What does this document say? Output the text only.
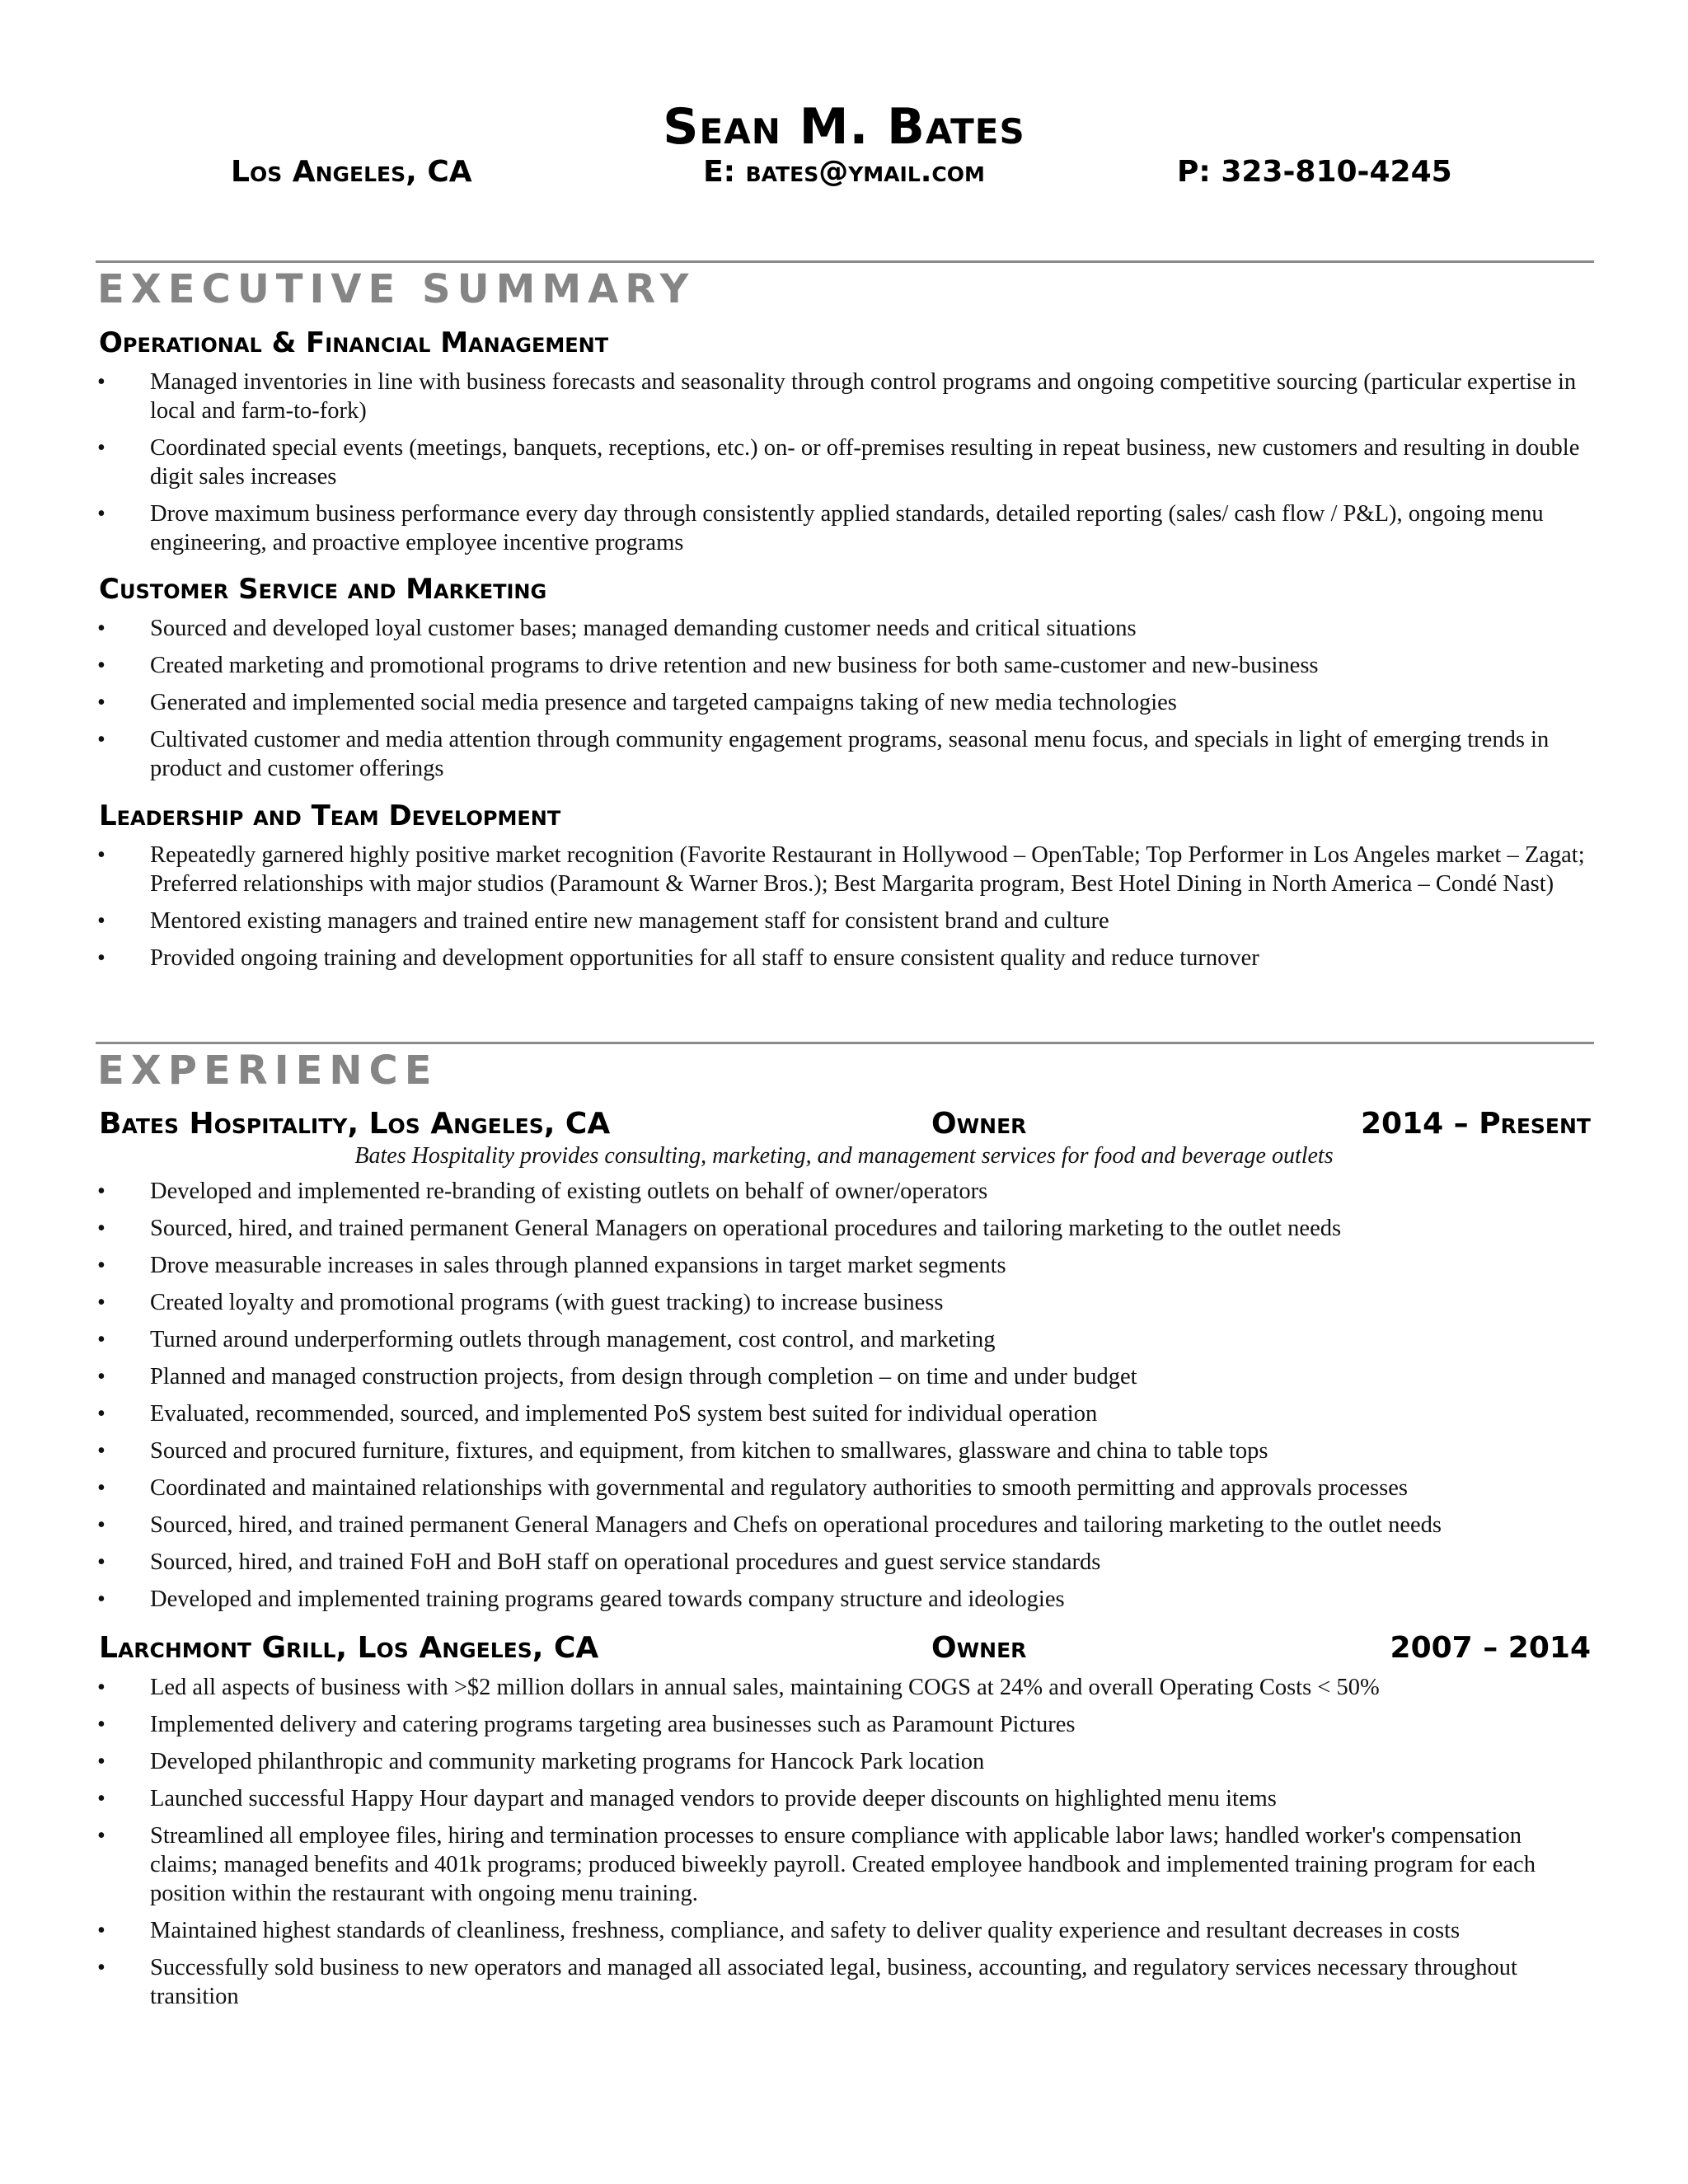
Sean M. Bates
Los Angeles, CA	E: bates@ymail.com	P: 323-810-4245
EXECUTIVE SUMMARY
Operational & Financial Management
• Managed inventories in line with business forecasts and seasonality through control programs and ongoing competitive sourcing (particular expertise in local and farm-to-fork)
• Coordinated special events (meetings, banquets, receptions, etc.) on- or off-premises resulting in repeat business, new customers and resulting in double digit sales increases
• Drove maximum business performance every day through consistently applied standards, detailed reporting (sales/ cash flow / P&L), ongoing menu engineering, and proactive employee incentive programs
Customer Service and Marketing
• Sourced and developed loyal customer bases; managed demanding customer needs and critical situations
• Created marketing and promotional programs to drive retention and new business for both same-customer and new-business
• Generated and implemented social media presence and targeted campaigns taking of new media technologies
• Cultivated customer and media attention through community engagement programs, seasonal menu focus, and specials in light of emerging trends in product and customer offerings
Leadership and Team Development
• Repeatedly garnered highly positive market recognition (Favorite Restaurant in Hollywood – OpenTable; Top Performer in Los Angeles market – Zagat; Preferred relationships with major studios (Paramount & Warner Bros.); Best Margarita program, Best Hotel Dining in North America – Condé Nast)
• Mentored existing managers and trained entire new management staff for consistent brand and culture
• Provided ongoing training and development opportunities for all staff to ensure consistent quality and reduce turnover
EXPERIENCE
Bates Hospitality, Los Angeles, CA	Owner	2014 – Present
Bates Hospitality provides consulting, marketing, and management services for food and beverage outlets
• Developed and implemented re-branding of existing outlets on behalf of owner/operators
• Sourced, hired, and trained permanent General Managers on operational procedures and tailoring marketing to the outlet needs
• Drove measurable increases in sales through planned expansions in target market segments
• Created loyalty and promotional programs (with guest tracking) to increase business
• Turned around underperforming outlets through management, cost control, and marketing
• Planned and managed construction projects, from design through completion – on time and under budget
• Evaluated, recommended, sourced, and implemented PoS system best suited for individual operation
• Sourced and procured furniture, fixtures, and equipment, from kitchen to smallwares, glassware and china to table tops
• Coordinated and maintained relationships with governmental and regulatory authorities to smooth permitting and approvals processes
• Sourced, hired, and trained permanent General Managers and Chefs on operational procedures and tailoring marketing to the outlet needs
• Sourced, hired, and trained FoH and BoH staff on operational procedures and guest service standards
• Developed and implemented training programs geared towards company structure and ideologies
Larchmont Grill, Los Angeles, CA	Owner	2007 – 2014
• Led all aspects of business with >$2 million dollars in annual sales, maintaining COGS at 24% and overall Operating Costs < 50%
• Implemented delivery and catering programs targeting area businesses such as Paramount Pictures
• Developed philanthropic and community marketing programs for Hancock Park location
• Launched successful Happy Hour daypart and managed vendors to provide deeper discounts on highlighted menu items
• Streamlined all employee files, hiring and termination processes to ensure compliance with applicable labor laws; handled worker's compensation claims; managed benefits and 401k programs; produced biweekly payroll. Created employee handbook and implemented training program for each position within the restaurant with ongoing menu training.
• Maintained highest standards of cleanliness, freshness, compliance, and safety to deliver quality experience and resultant decreases in costs
• Successfully sold business to new operators and managed all associated legal, business, accounting, and regulatory services necessary throughout transition
